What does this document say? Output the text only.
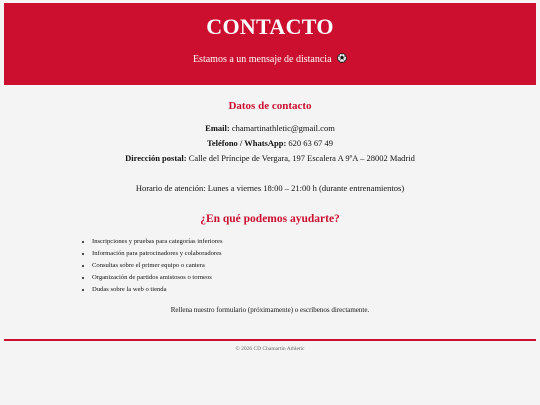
CONTACTO
Estamos a un mensaje de distancia
Datos de contacto
Email: chamartinathletic@gmail.com
Teléfono / WhatsApp: 620 63 67 49
Dirección postal: Calle del Príncipe de Vergara, 197 Escalera A 9ºA – 28002 Madrid
Horario de atención: Lunes a viernes 18:00 – 21:00 h (durante entrenamientos)
¿En qué podemos ayudarte?
• Inscripciones y pruebas para categorías inferiores
• Información para patrocinadores y colaboradores
• Consultas sobre el primer equipo o cantera
• Organización de partidos amistosos o torneos
• Dudas sobre la web o tienda
Rellena nuestro formulario (próximamente) o escríbenos directamente.
© 2026 CD Chamartín Athletic
